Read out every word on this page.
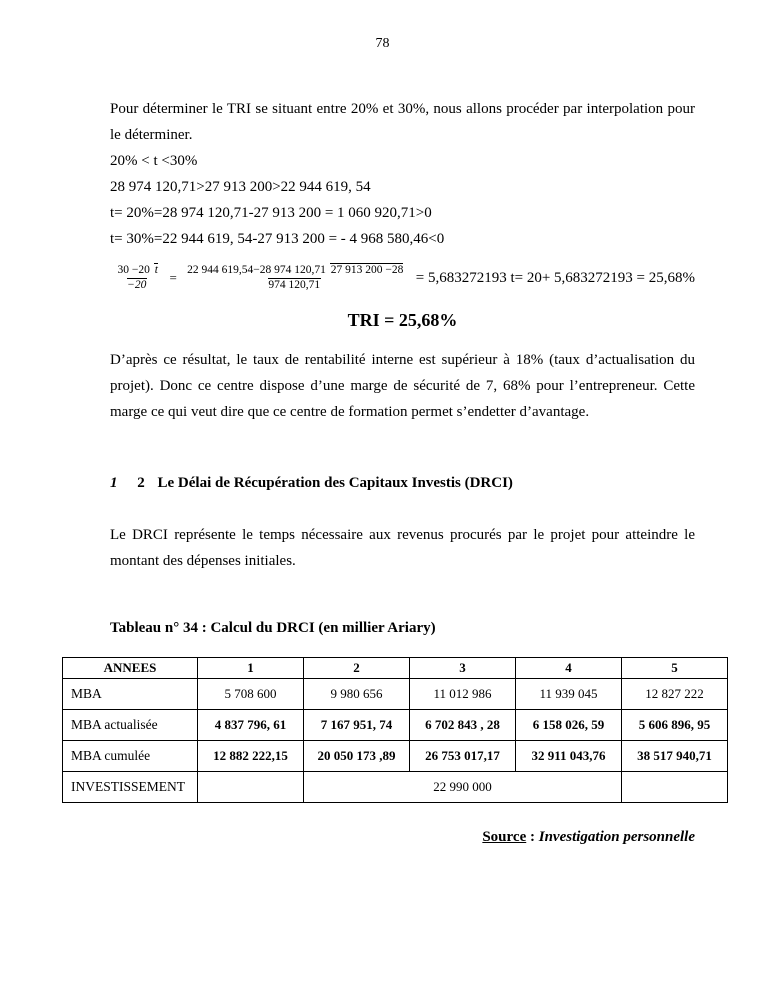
78

Pour déterminer le TRI se situant entre 20% et 30%, nous allons procéder par interpolation pour le déterminer.

20% < t <30%
28 974 120,71>27 913 200>22 944 619, 54
t= 20%=28 974 120,71-27 913 200 = 1 060 920,71>0
t= 30%=22 944 619, 54-27 913 200 = - 4 968 580,46<0
30 −20 t −20	= 22 944 619,54−28 974 120,71 27 913 200 −28 974 120,71	= 5,683272193 t= 20+ 5,683272193 = 25,68%
TRI = 25,68%

D’après ce résultat, le taux de rentabilité interne est supérieur à 18% (taux d’actualisation du projet). Donc ce centre dispose d’une marge de sécurité de 7, 68% pour l’entrepreneur. Cette marge ce qui veut dire que ce centre de formation permet s’endetter d’avantage.

1 2 Le Délai de Récupération des Capitaux Investis (DRCI)

Le DRCI représente le temps nécessaire aux revenus procurés par le projet pour atteindre le montant des dépenses initiales.

Tableau n° 34 : Calcul du DRCI (en millier Ariary)
ANNEES	1	2	3	4	5
MBA	5 708 600	9 980 656	11 012 986	11 939 045	12 827 222
MBA actualisée	4 837 796, 61	7 167 951, 74	6 702 843 , 28	6 158 026, 59	5 606 896, 95
MBA cumulée	12 882 222,15	20 050 173 ,89	26 753 017,17	32 911 043,76	38 517 940,71
INVESTISSEMENT		22 990 000			
Source : Investigation personnelle
